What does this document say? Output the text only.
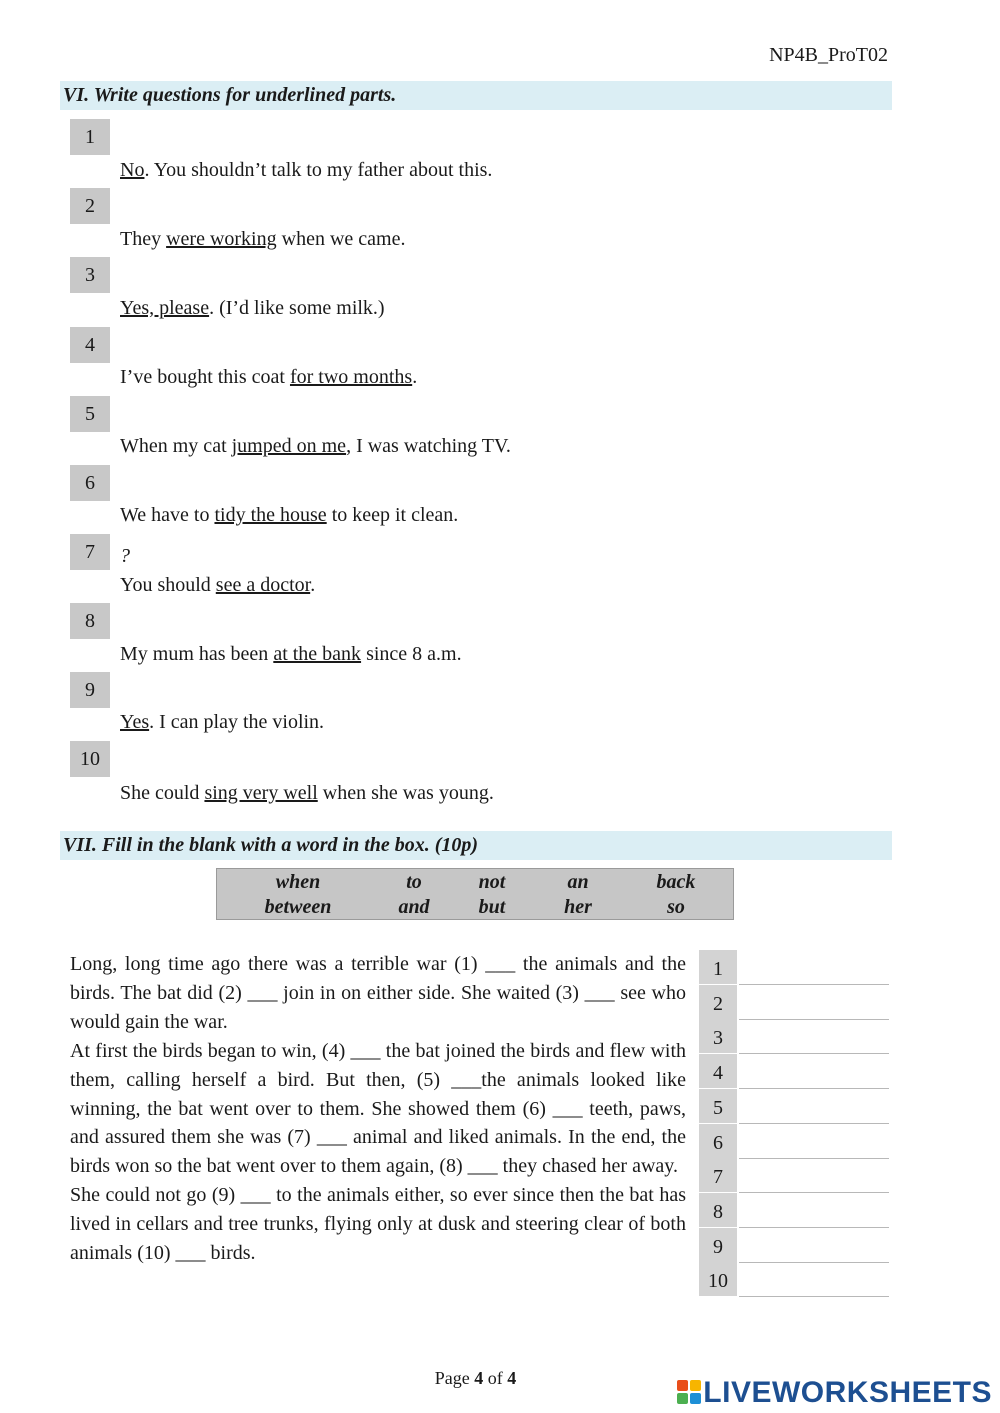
NP4B_ProT02
VI. Write questions for underlined parts.
1
No. You shouldn’t talk to my father about this.
2
They were working when we came.
3
Yes, please. (I’d like some milk.)
4
I’ve bought this coat for two months.
5
When my cat jumped on me, I was watching TV.
6
We have to tidy the house to keep it clean.
7
You should see a doctor.
8
My mum has been at the bank since 8 a.m.
9
Yes. I can play the violin.
10
She could sing very well when she was young.
?
VII. Fill in the blank with a word in the box. (10p)
when	to	not	an	back
between	and	but	her	so

Long, long time ago there was a terrible war (1) ___ the animals and the birds. The bat did (2) ___ join in on either side. She waited (3) ___ see who would gain the war.

At first the birds began to win, (4) ___ the bat joined the birds and flew with them, calling herself a bird. But then, (5) ___the animals looked like winning, the bat went over to them. She showed them (6) ___ teeth, paws, and assured them she was (7) ___ animal and liked animals. In the end, the birds won so the bat went over to them again, (8) ___ they chased her away.

She could not go (9) ___ to the animals either, so ever since then the bat has lived in cellars and tree trunks, flying only at dusk and steering clear of both animals (10) ___ birds.

1
2
3
4
5
6
7
8
9
10
Page 4 of 4	LIVEWORKSHEETS
